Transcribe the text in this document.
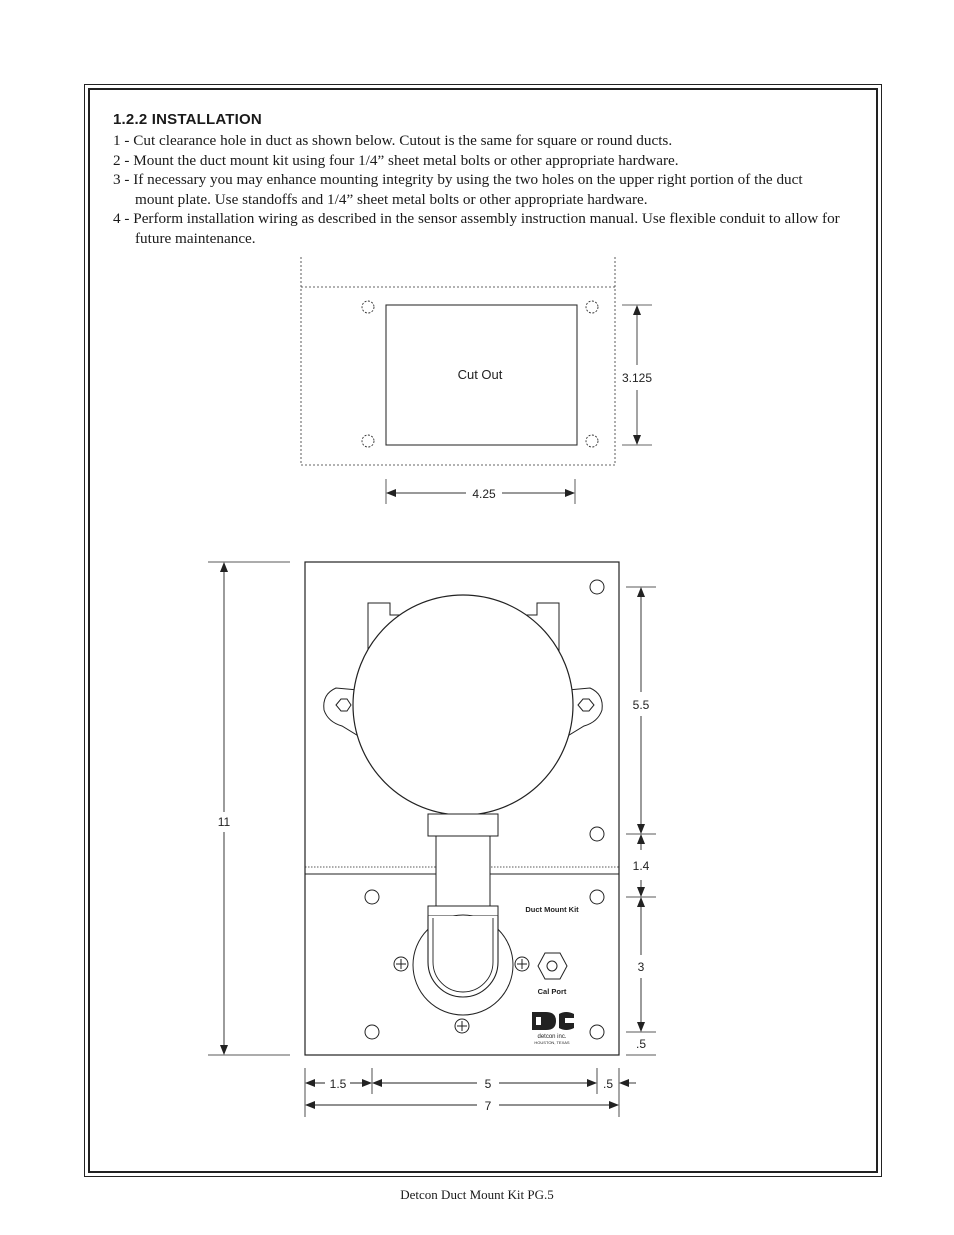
1.2.2 INSTALLATION
1 - Cut clearance hole in duct as shown below. Cutout is the same for square or round ducts.
2 - Mount the duct mount kit using four 1/4” sheet metal bolts or other appropriate hardware.
3 - If necessary you may enhance mounting integrity by using the two holes on the upper right portion of the duct mount plate. Use standoffs and 1/4” sheet metal bolts or other appropriate hardware.
4 - Perform installation wiring as described in the sensor assembly instruction manual. Use flexible conduit to allow for future maintenance.
Cut Out	3.125
4.25
Duct Mount Kit
Cal Port
detcon inc.
HOUSTON, TEXAS
11
5.5
1.4
3
.5
1.5	5	.5
7
Detcon Duct Mount Kit PG.5
